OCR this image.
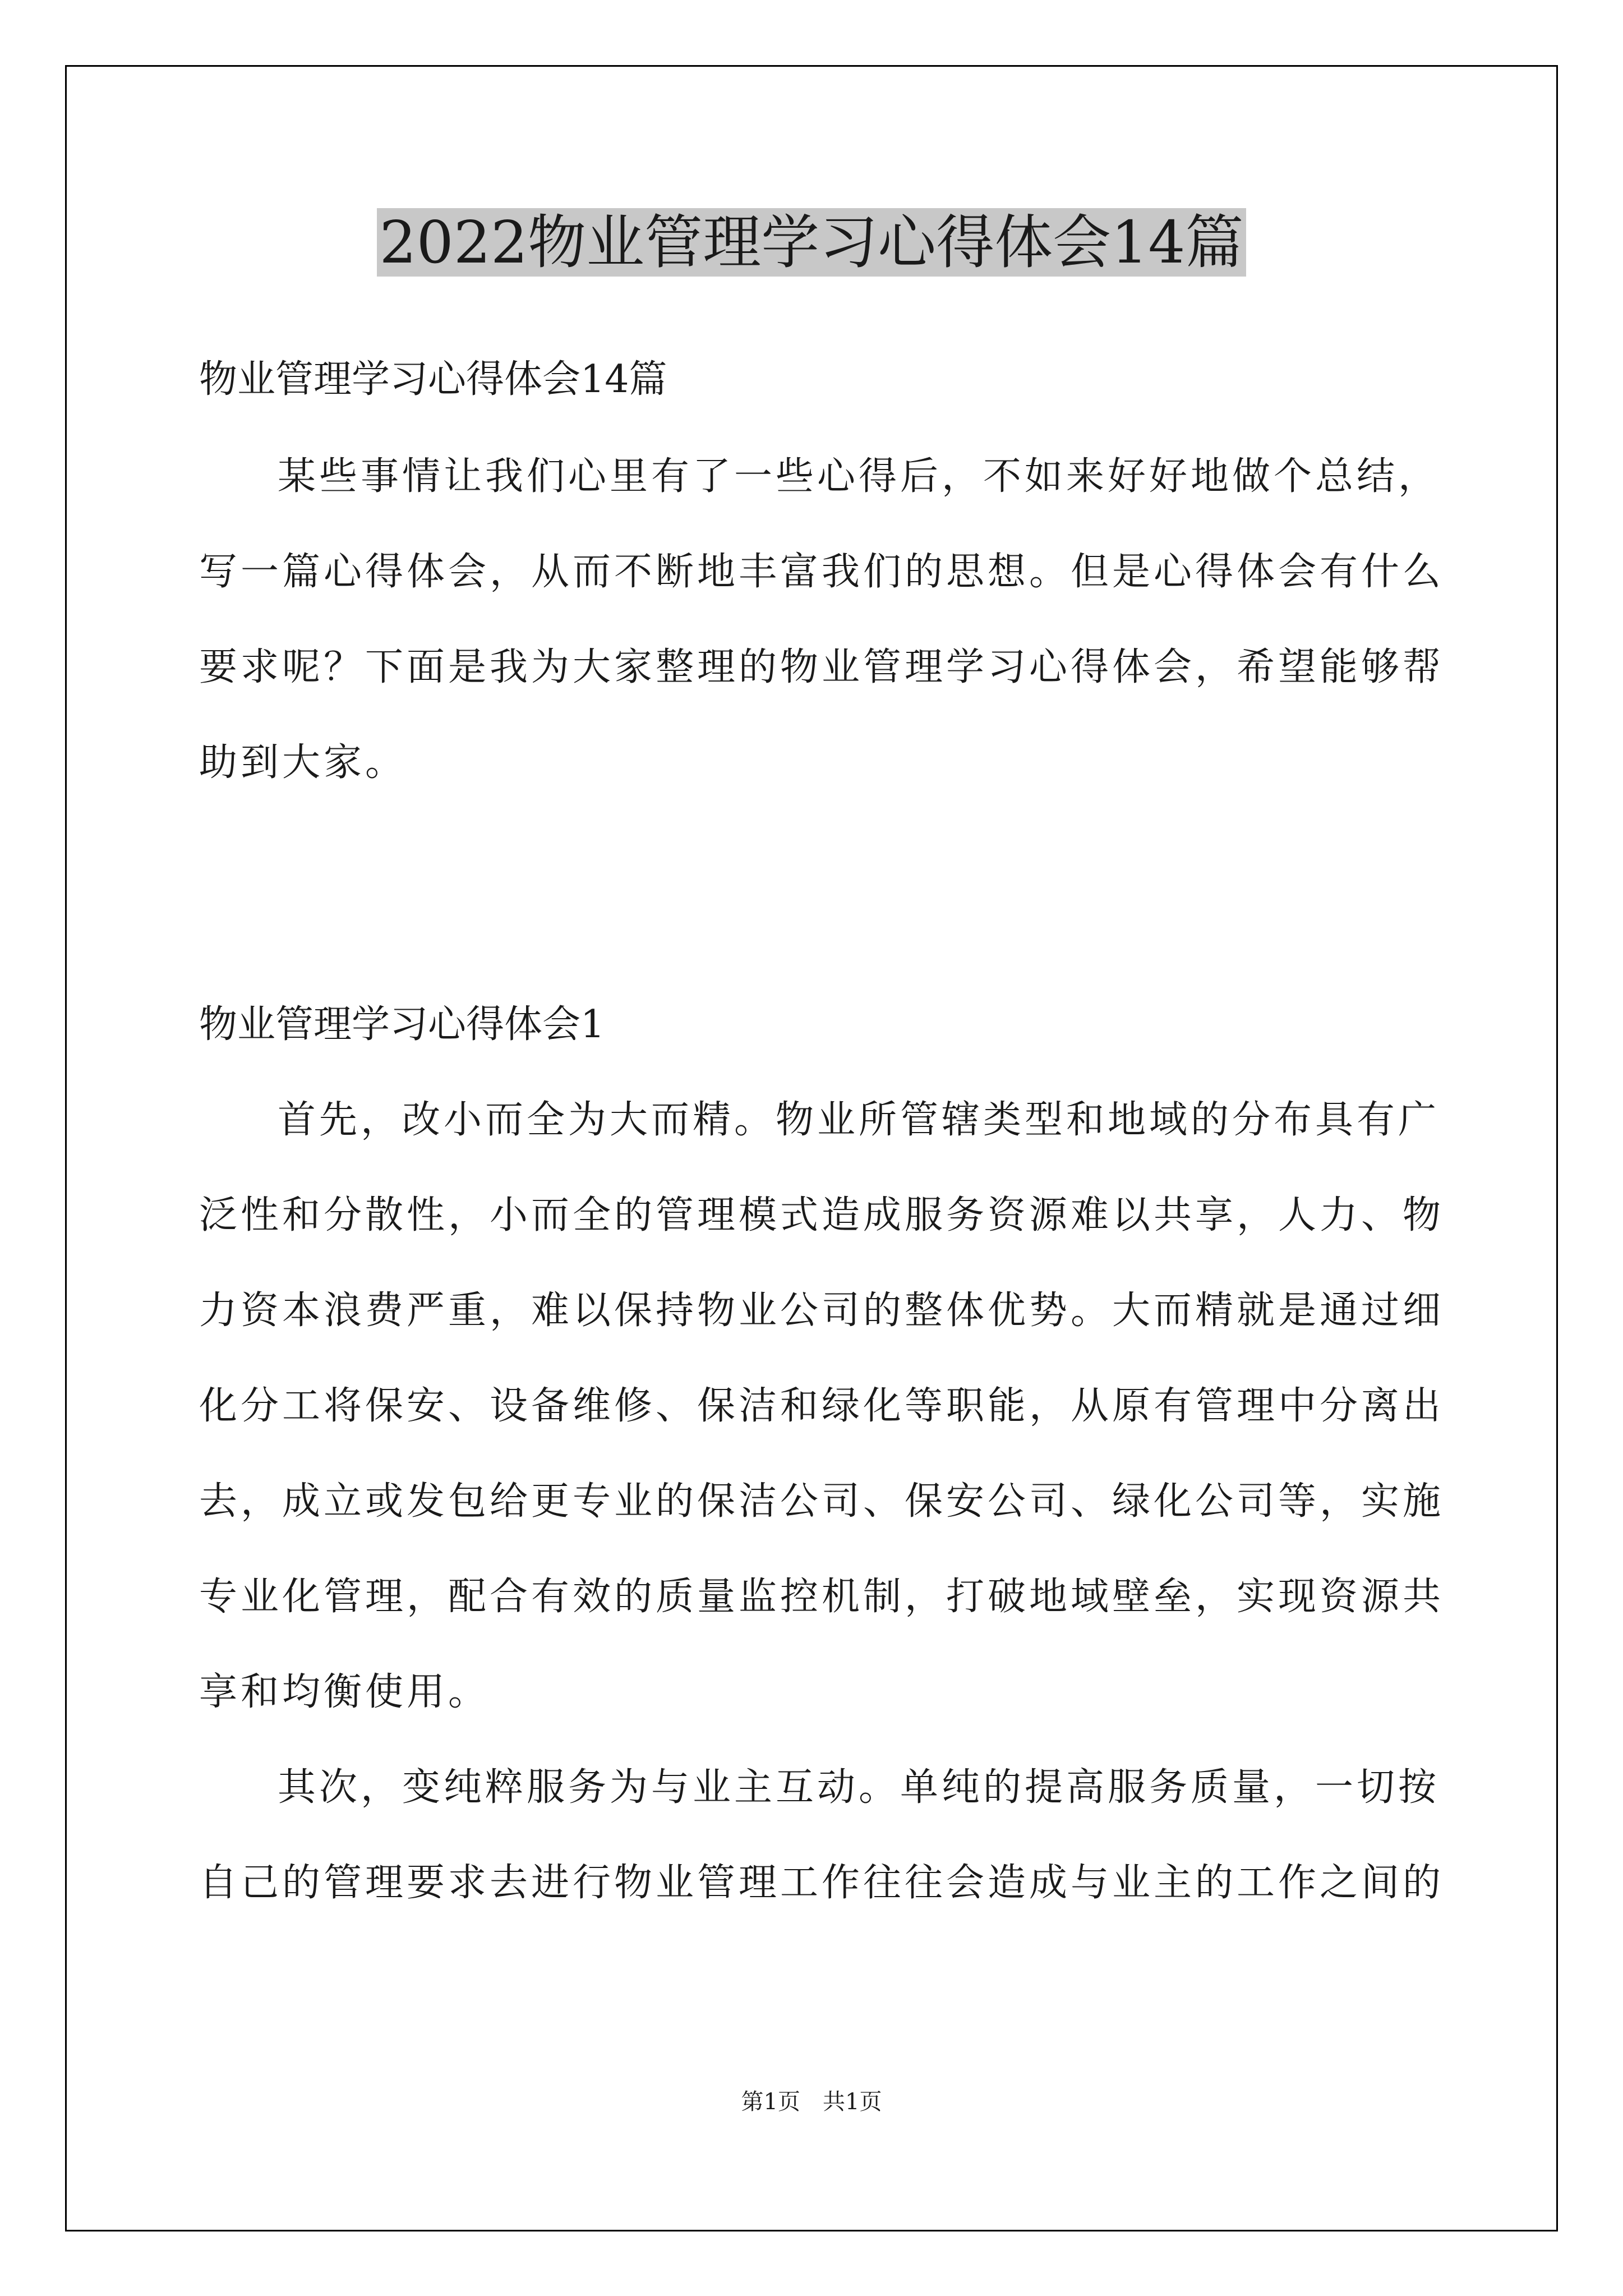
2022物业管理学习心得体会14篇

物业管理学习心得体会14篇

某些事情让我们心里有了一些心得后，不如来好好地做个总结，

写一篇心得体会，从而不断地丰富我们的思想。但是心得体会有什么

要求呢？下面是我为大家整理的物业管理学习心得体会，希望能够帮

助到大家。

物业管理学习心得体会1

首先，改小而全为大而精。物业所管辖类型和地域的分布具有广

泛性和分散性，小而全的管理模式造成服务资源难以共享，人力、物

力资本浪费严重，难以保持物业公司的整体优势。大而精就是通过细

化分工将保安、设备维修、保洁和绿化等职能，从原有管理中分离出

去，成立或发包给更专业的保洁公司、保安公司、绿化公司等，实施

专业化管理，配合有效的质量监控机制，打破地域壁垒，实现资源共

享和均衡使用。

其次，变纯粹服务为与业主互动。单纯的提高服务质量，一切按

自己的管理要求去进行物业管理工作往往会造成与业主的工作之间的

第1页　共1页
